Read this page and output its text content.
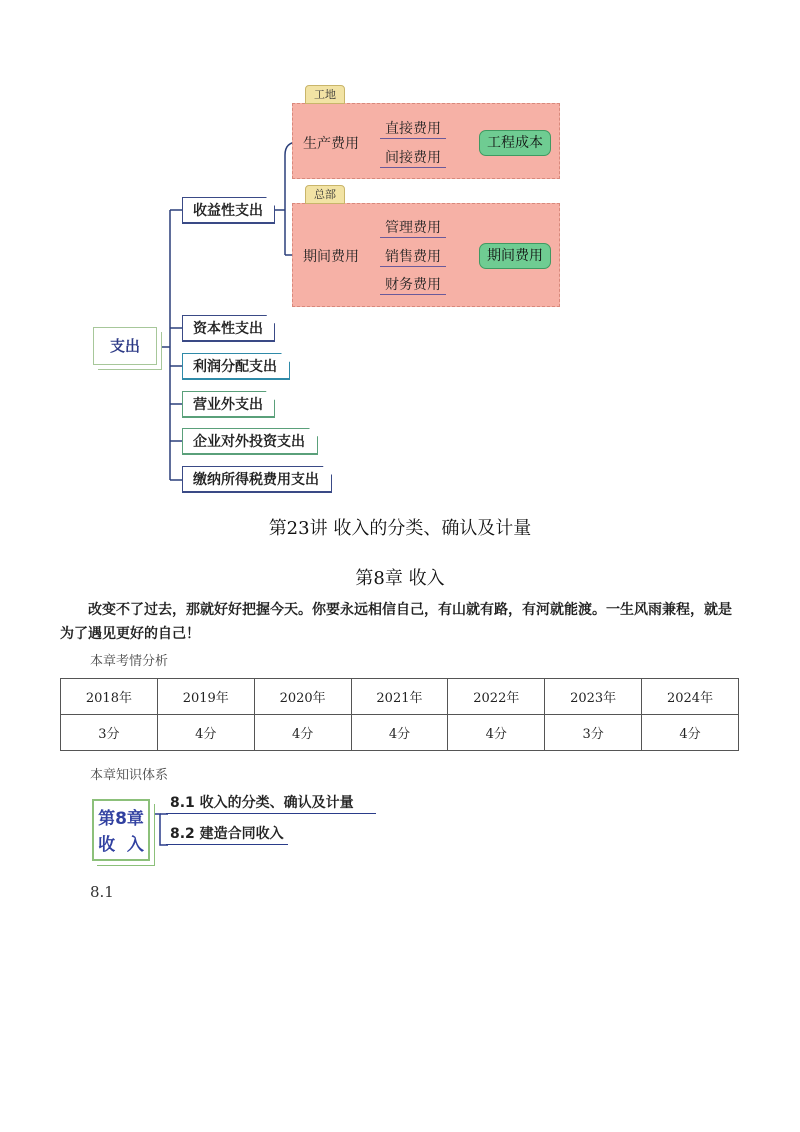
工地
总部
生产费用
期间费用
直接费用
间接费用
管理费用
销售费用
财务费用
工程成本
期间费用
收益性支出
资本性支出
利润分配支出
营业外支出
企业对外投资支出
缴纳所得税费用支出
支出
第23讲 收入的分类、确认及计量
第8章 收入
改变不了过去，那就好好把握今天。你要永远相信自己，有山就有路，有河就能渡。一生风雨兼程，就是为了遇见更好的自己！
本章考情分析
2018年	2019年	2020年	2021年	2022年	2023年	2024年
3分	4分	4分	4分	4分	3分	4分
本章知识体系
第8章
收  入
8.1 收入的分类、确认及计量
8.2 建造合同收入
8.1
